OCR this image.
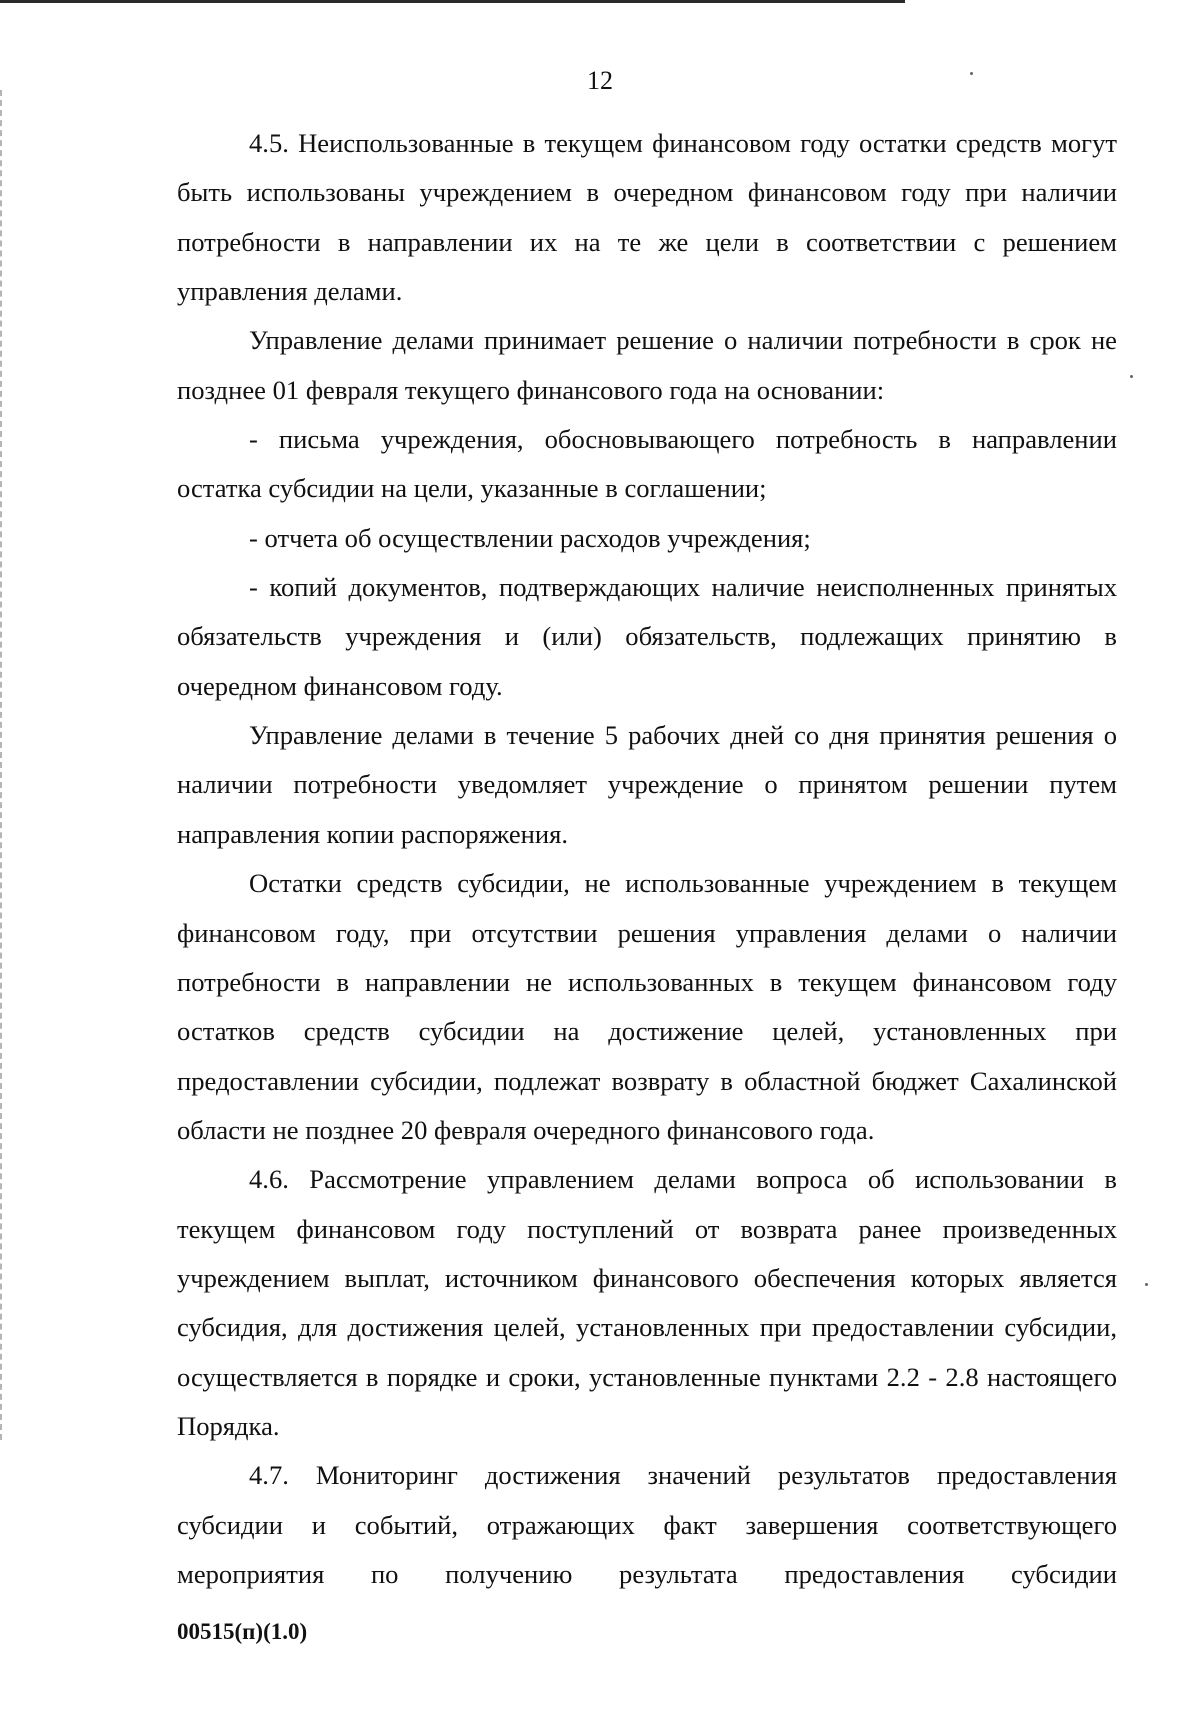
12

4.5. Неиспользованные в текущем финансовом году остатки средств могут быть использованы учреждением в очередном финансовом году при наличии потребности в направлении их на те же цели в соответствии с решением управления делами.

Управление делами принимает решение о наличии потребности в срок не позднее 01 февраля текущего финансового года на основании:

- письма учреждения, обосновывающего потребность в направлении остатка субсидии на цели, указанные в соглашении;

- отчета об осуществлении расходов учреждения;

- копий документов, подтверждающих наличие неисполненных принятых обязательств учреждения и (или) обязательств, подлежащих принятию в очередном финансовом году.

Управление делами в течение 5 рабочих дней со дня принятия решения о наличии потребности уведомляет учреждение о принятом решении путем направления копии распоряжения.

Остатки средств субсидии, не использованные учреждением в текущем финансовом году, при отсутствии решения управления делами о наличии потребности в направлении не использованных в текущем финансовом году остатков средств субсидии на достижение целей, установленных при предоставлении субсидии, подлежат возврату в областной бюджет Сахалинской области не позднее 20 февраля очередного финансового года.

4.6. Рассмотрение управлением делами вопроса об использовании в текущем финансовом году поступлений от возврата ранее произведенных учреждением выплат, источником финансового обеспечения которых является субсидия, для достижения целей, установленных при предоставлении субсидии, осуществляется в порядке и сроки, установленные пунктами 2.2 - 2.8 настоящего Порядка.

4.7. Мониторинг достижения значений результатов предоставления субсидии и событий, отражающих факт завершения соответствующего мероприятия по получению результата предоставления субсидии

00515(п)(1.0)
